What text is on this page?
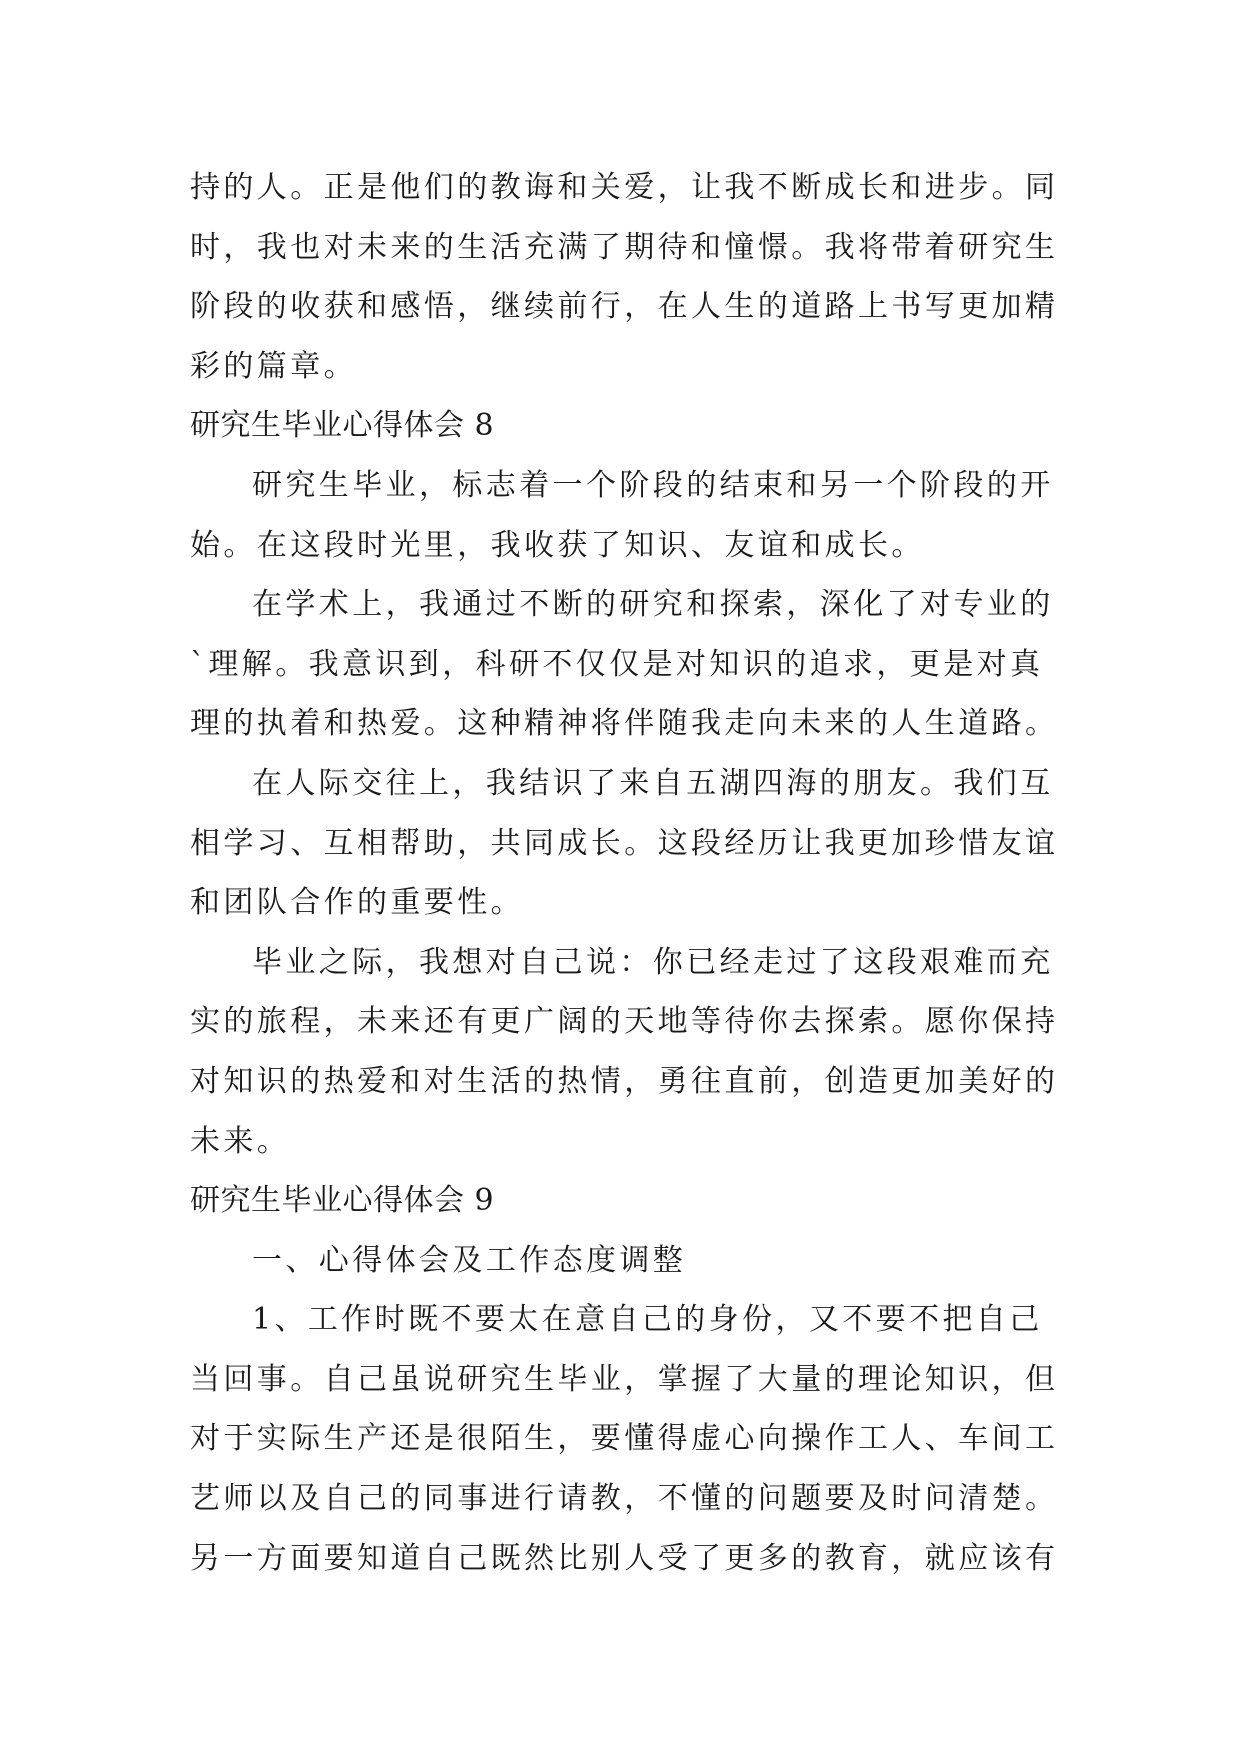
持的人。正是他们的教诲和关爱，让我不断成长和进步。同

时，我也对未来的生活充满了期待和憧憬。我将带着研究生

阶段的收获和感悟，继续前行，在人生的道路上书写更加精

彩的篇章。

研究生毕业心得体会 8

研究生毕业，标志着一个阶段的结束和另一个阶段的开

始。在这段时光里，我收获了知识、友谊和成长。

在学术上，我通过不断的研究和探索，深化了对专业的

`理解。我意识到，科研不仅仅是对知识的追求，更是对真

理的执着和热爱。这种精神将伴随我走向未来的人生道路。

在人际交往上，我结识了来自五湖四海的朋友。我们互

相学习、互相帮助，共同成长。这段经历让我更加珍惜友谊

和团队合作的重要性。

毕业之际，我想对自己说：你已经走过了这段艰难而充

实的旅程，未来还有更广阔的天地等待你去探索。愿你保持

对知识的热爱和对生活的热情，勇往直前，创造更加美好的

未来。

研究生毕业心得体会 9

一、心得体会及工作态度调整

1、工作时既不要太在意自己的身份，又不要不把自己

当回事。自己虽说研究生毕业，掌握了大量的理论知识，但

对于实际生产还是很陌生，要懂得虚心向操作工人、车间工

艺师以及自己的同事进行请教，不懂的问题要及时问清楚。

另一方面要知道自己既然比别人受了更多的教育，就应该有
